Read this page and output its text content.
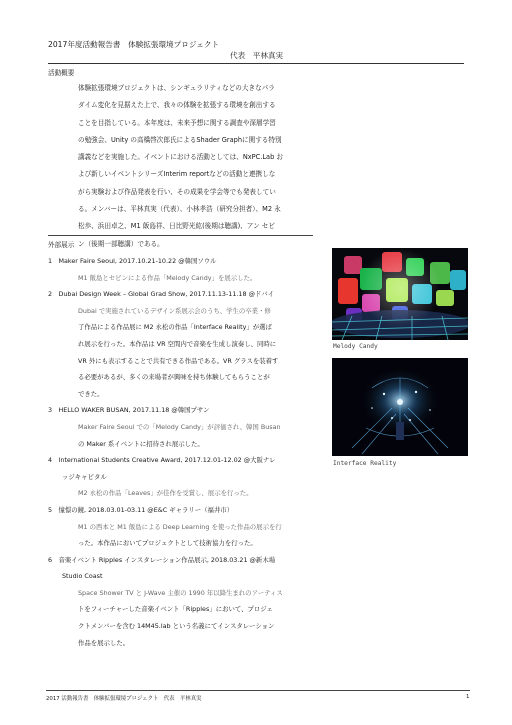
2017年度活動報告書　体験拡張環境プロジェクト
代表　平林真実
活動概要
体験拡張環境プロジェクトは、シンギュラリティなどの大きなパラ
ダイム変化を見据えた上で、我々の体験を拡張する環境を創出する
ことを目指している。本年度は、未来予想に関する調査や深層学習
の勉強会、Unity の高橋啓次郎氏によるShader Graphに関する特別
講義などを実施した。イベントにおける活動としては、NxPC.Lab お
よび新しいイベントシリーズInterim reportなどの活動と連携しな
がら実験および作品発表を行い、その成果を学会等でも発表してい
る。メンバーは、平林真実（代表）、小林孝浩（研究分担者）、M2 永
松歩、浜田卓之、M1 飯島祥、日比野光紘(後期は聴講)、アン セビ
ン（後期一部聴講）である。
外部展示
1　Maker Faire Seoul, 2017.10.21-10.22 @韓国ソウル
M1 飯島とセビンによる作品「Melody Candy」を展示した。
2　Dubai Design Week – Global Grad Show, 2017.11.13-11.18 @ドバイ
Dubai で実施されているデザイン系展示会のうち、学生の卒業・修
了作品による作品展に M2 永松の作品「Interface Reality」が選ば
れ展示を行った。本作品は VR 空間内で音楽を生成し演奏し、同時に
VR 外にも表示することで共有できる作品である。VR グラスを装着す
る必要があるが、多くの来場者が興味を持ち体験してもらうことが
できた。
3　HELLO WAKER BUSAN, 2017.11.18 @韓国プサン
Maker Faire Seoul での「Melody Candy」が評価され、韓国 Busan
の Maker 系イベントに招待され展示した。
4　International Students Creative Award, 2017.12.01-12.02 @大阪ナレ
ッジキャピタル
M2 永松の作品「Leaves」が佳作を受賞し、展示を行った。
5　憧憬の鏡, 2018.03.01-03.11 @E&C ギャラリー（福井市）
M1 の西本と M1 飯島による Deep Learning を使った作品の展示を行
った。本作品においてプロジェクトとして技術協力を行った。
6　音楽イベント Ripples インスタレーション作品展示, 2018.03.21 @新木場
Studio Coast
Space Shower TV と J-Wave 主催の 1990 年以降生まれのアーティス
トをフィーチャーした音楽イベント「Ripples」において、プロジェ
クトメンバーを含む 14M45.lab という名義にてインスタレーション
作品を展示した。
Melody Candy
Interface Reality
2017 活動報告書　体験拡張環境プロジェクト　代表　平林真実	1
